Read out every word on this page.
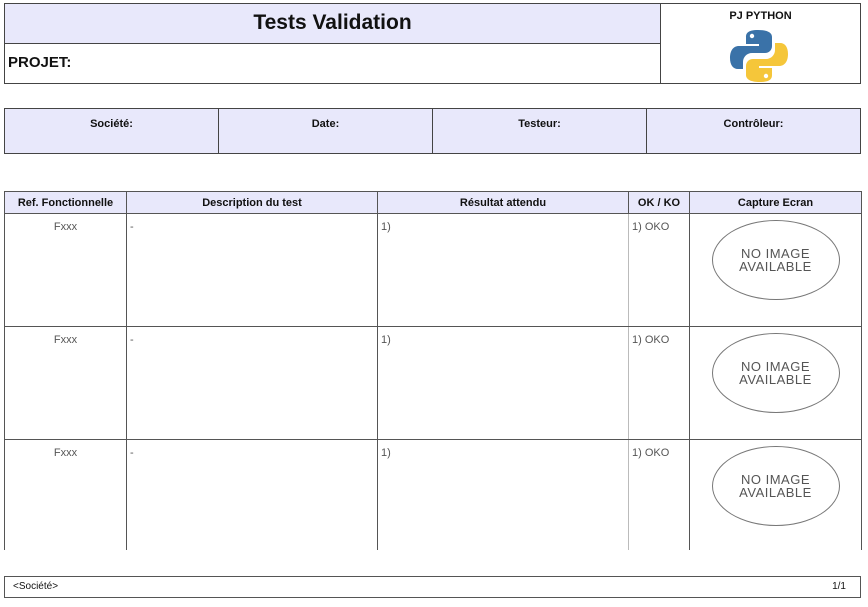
Tests Validation
PROJET:
PJ PYTHON
Société:	Date:	Testeur:	Contrôleur:
Ref. Fonctionnelle	Description du test	Résultat attendu	OK / KO	Capture Ecran
Fxxx	-	1)	1) OKO	NO IMAGE AVAILABLE

Fxxx	-	1)	1) OKO	NO IMAGE AVAILABLE

Fxxx	-	1)	1) OKO	NO IMAGE AVAILABLE
<Société>	1/1
